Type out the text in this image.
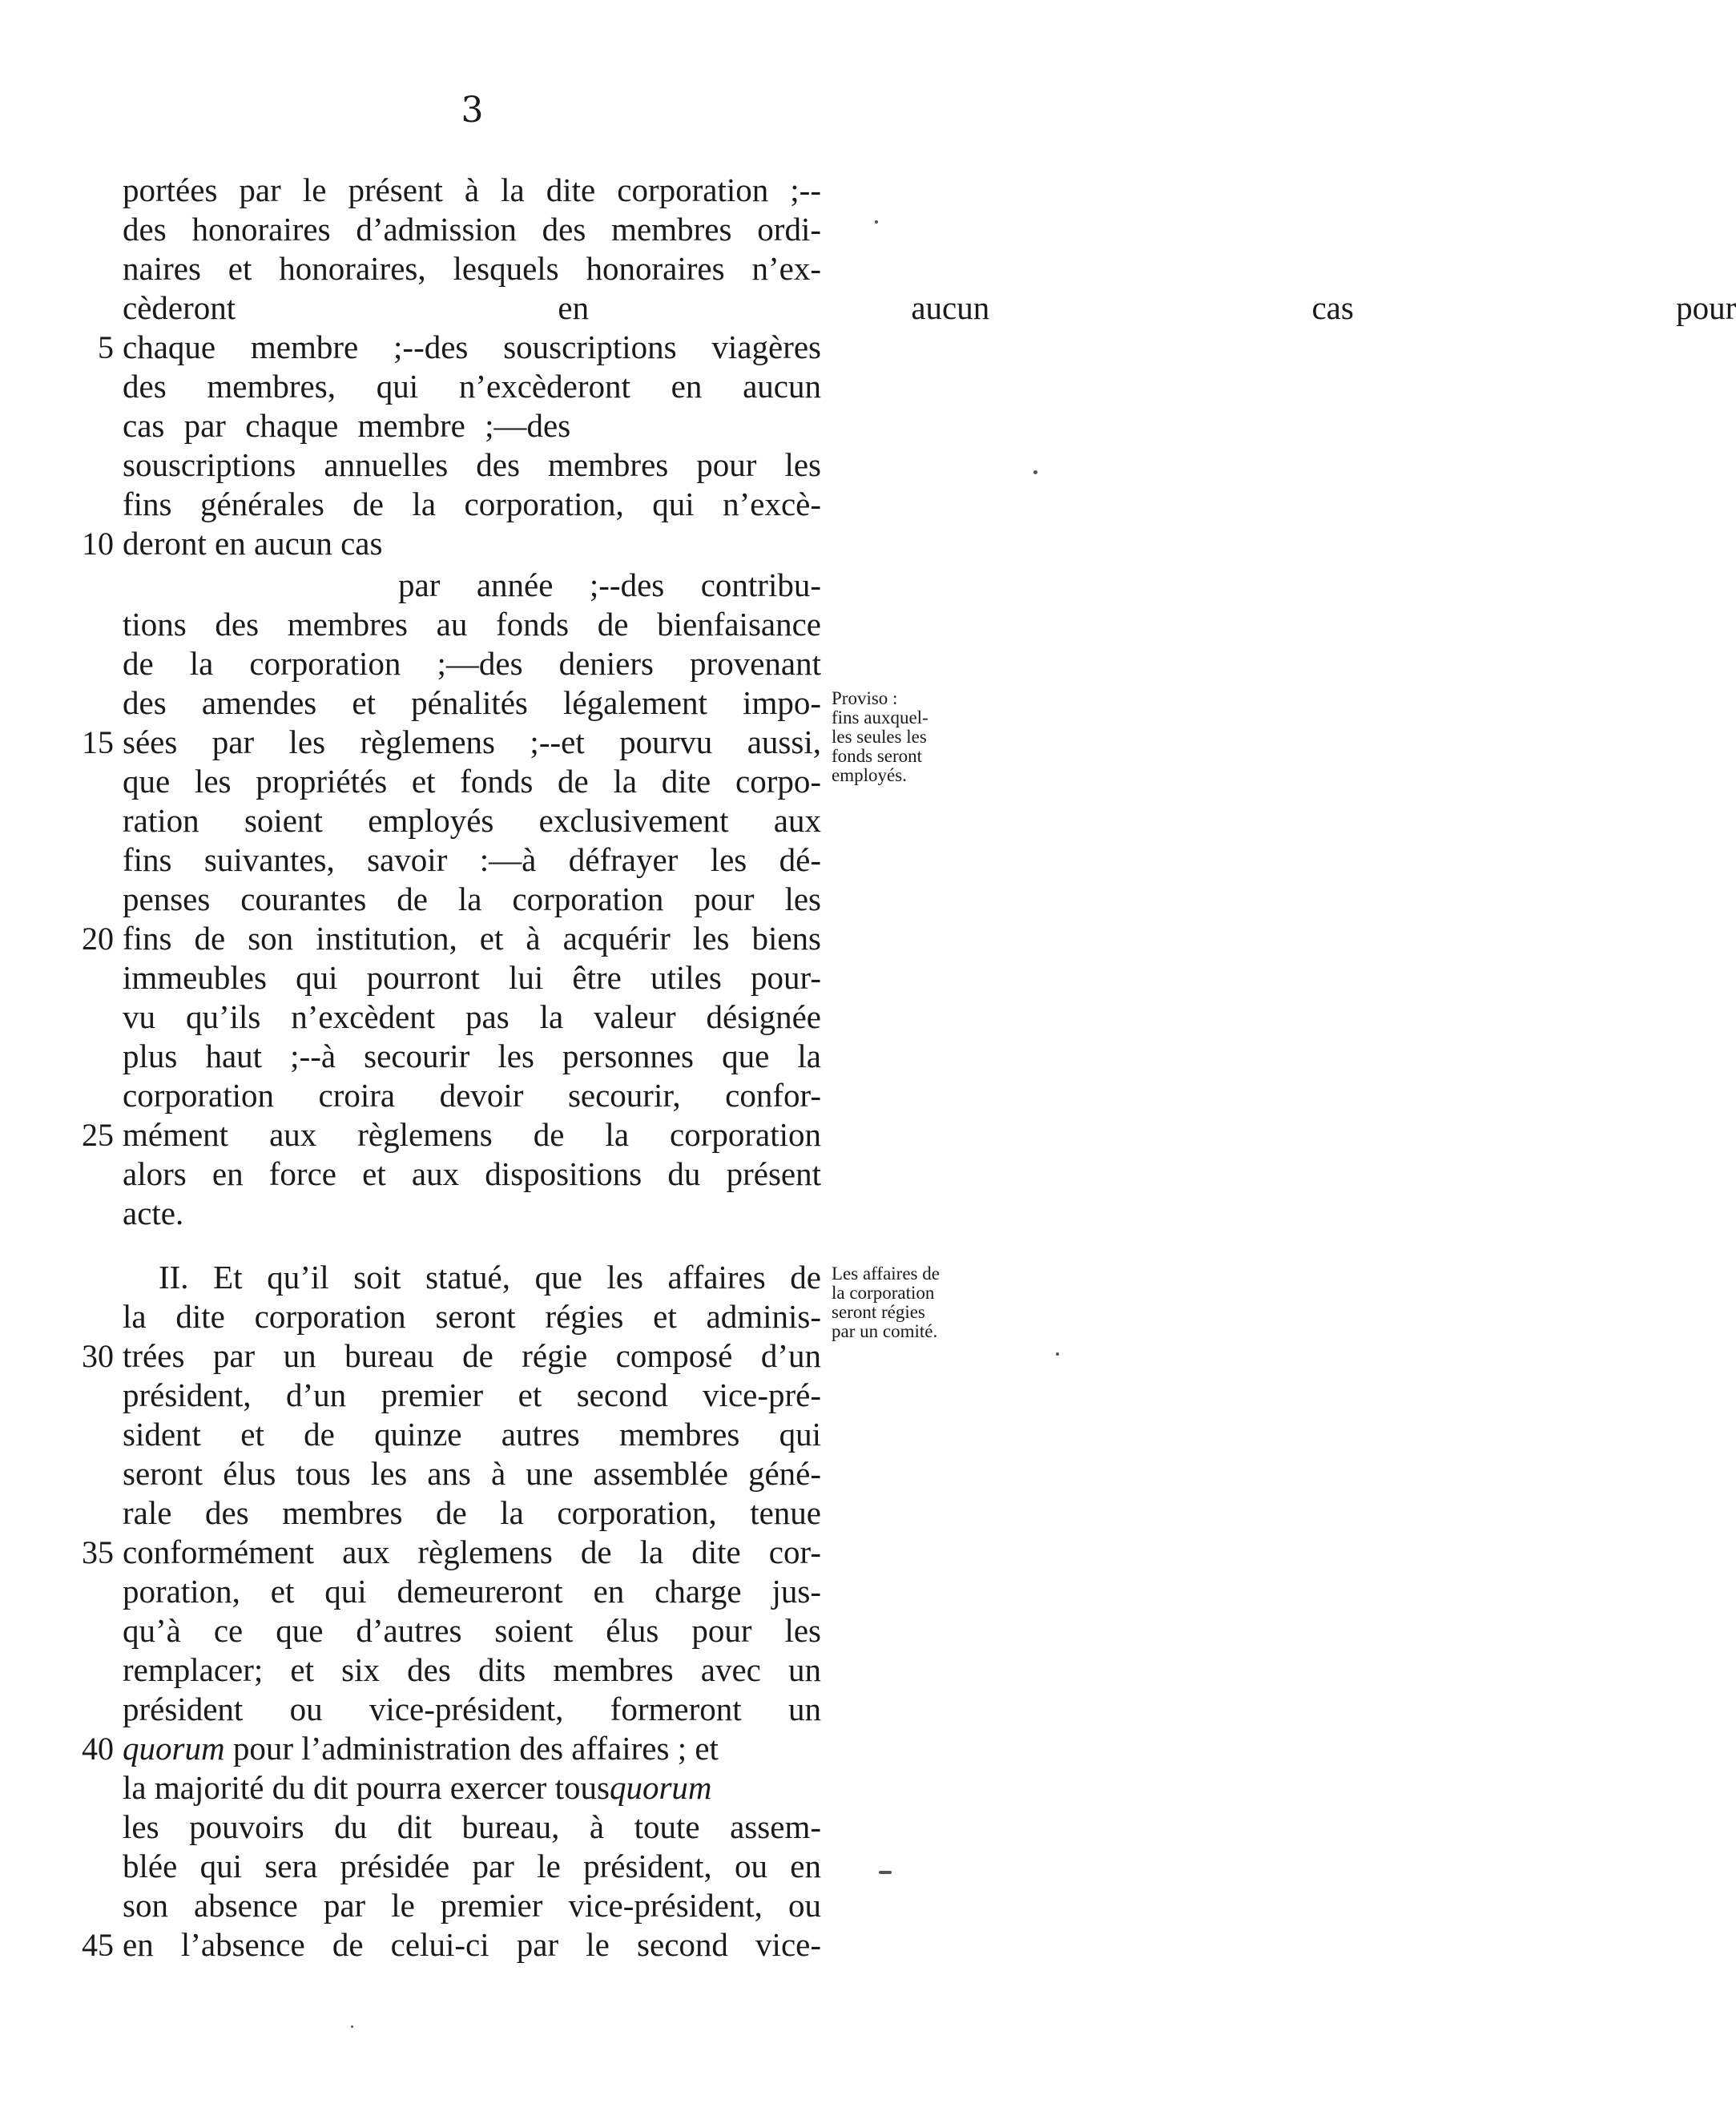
3
portées par le présent à la dite corporation ;--
des honoraires d’admission des membres ordi-
naires et honoraires, lesquels honoraires n’ex-
cèderont en aucun cas pour
chaque membre ;--des souscriptions viagères
des membres, qui n’excèderont en aucun
cas par chaque membre ;—des
souscriptions annuelles des membres pour les
fins générales de la corporation, qui n’excè-
deront en aucun cas
par année ;--des contribu-
tions des membres au fonds de bienfaisance
de la corporation ;—des deniers provenant
des amendes et pénalités légalement impo-
sées par les règlemens ;--et pourvu aussi,
que les propriétés et fonds de la dite corpo-
ration soient employés exclusivement aux
fins suivantes, savoir :—à défrayer les dé-
penses courantes de la corporation pour les
fins de son institution, et à acquérir les biens
immeubles qui pourront lui être utiles pour-
vu qu’ils n’excèdent pas la valeur désignée
plus haut ;--à secourir les personnes que la
corporation croira devoir secourir, confor-
mément aux règlemens de la corporation
alors en force et aux dispositions du présent
acte.
II. Et qu’il soit statué, que les affaires de
la dite corporation seront régies et adminis-
trées par un bureau de régie composé d’un
président, d’un premier et second vice-pré-
sident et de quinze autres membres qui
seront élus tous les ans à une assemblée géné-
rale des membres de la corporation, tenue
conformément aux règlemens de la dite cor-
poration, et qui demeureront en charge jus-
qu’à ce que d’autres soient élus pour les
remplacer; et six des dits membres avec un
président ou vice-président, formeront un
quorum pour l’administration des affaires ; et
la majorité du dit pourra exercer tousquorum
les pouvoirs du dit bureau, à toute assem-
blée qui sera présidée par le président, ou en
son absence par le premier vice-président, ou
en l’absence de celui-ci par le second vice-
5
10
15
20
25
30
35
40
45
Proviso :
fins auxquel-
les seules les
fonds seront
employés.
Les affaires de
la corporation
seront régies
par un comité.
